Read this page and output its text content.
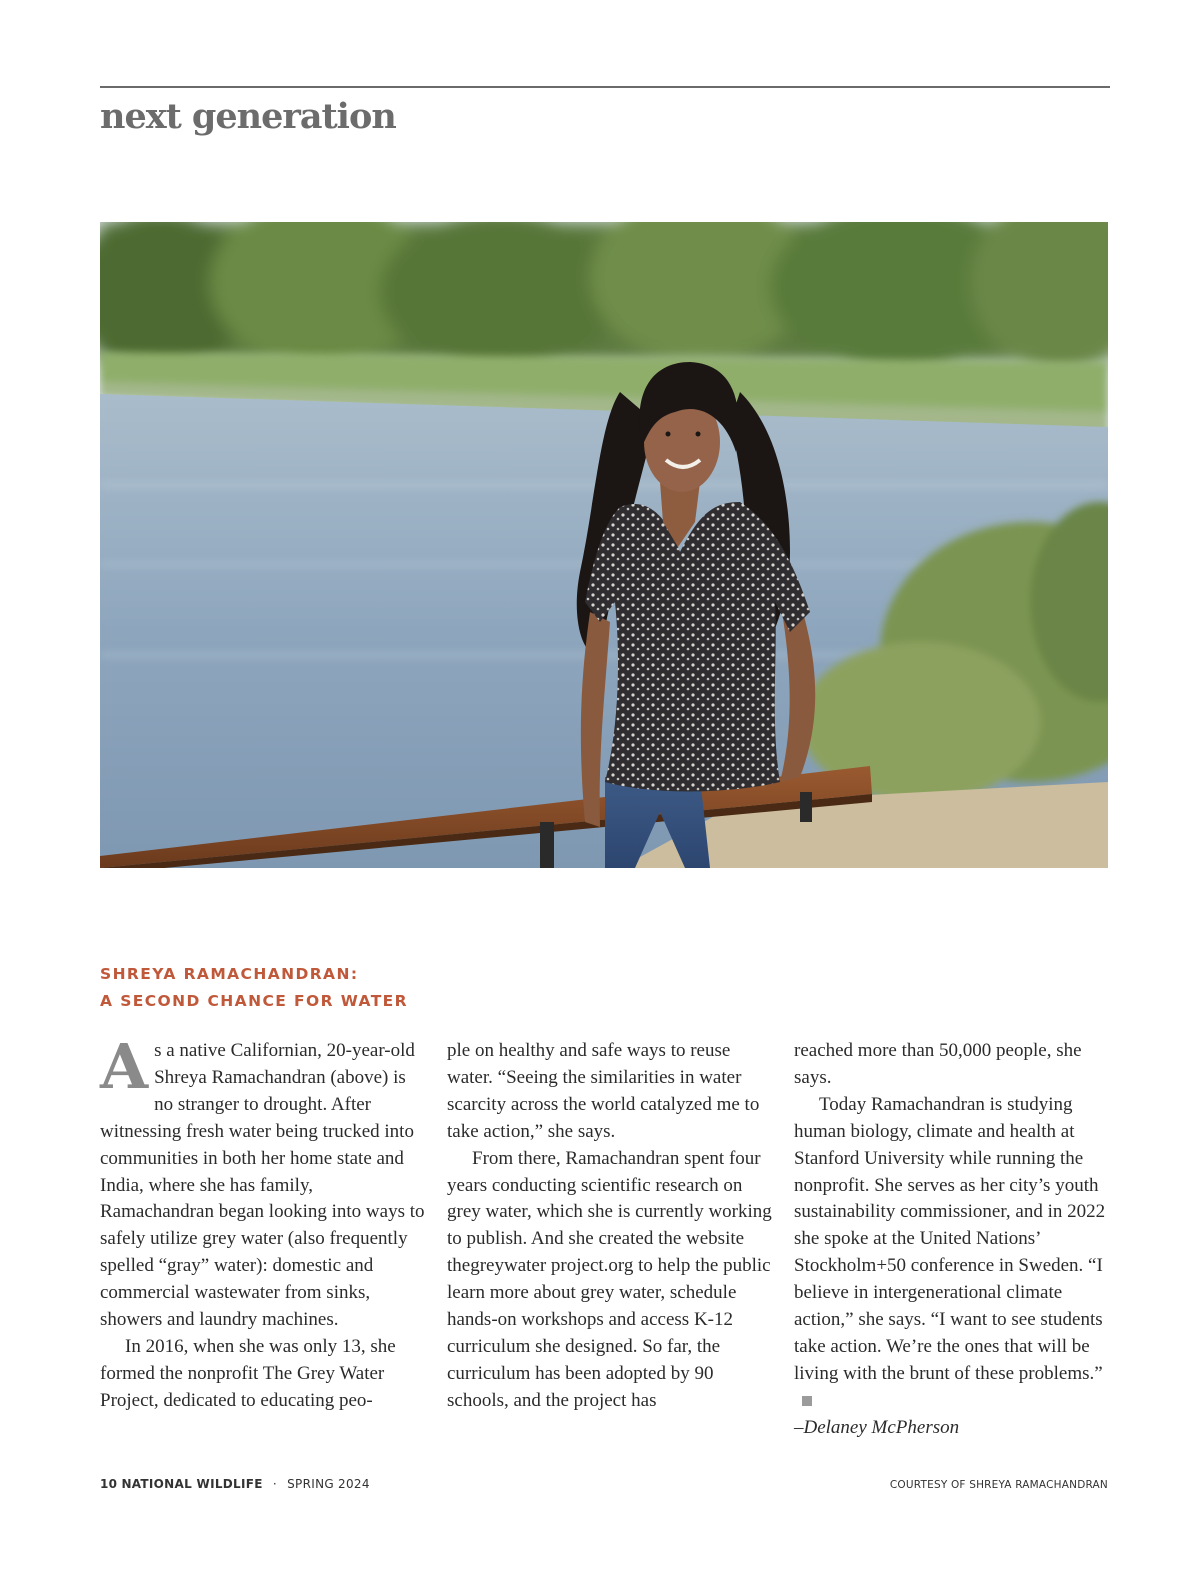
next generation
SHREYA RAMACHANDRAN:
A SECOND CHANCE FOR WATER

As a native Californian, 20-year-old Shreya Ramachandran (above) is no stranger to drought. After witnessing fresh water being trucked into communities in both her home state and India, where she has family, Ramachandran began looking into ways to safely utilize grey water (also frequently spelled “gray” water): domestic and commercial wastewater from sinks, showers and laundry machines.

In 2016, when she was only 13, she formed the nonprofit The Grey Water Project, dedicated to educating peo-

ple on healthy and safe ways to reuse water. “Seeing the similarities in water scarcity across the world catalyzed me to take action,” she says.

From there, Ramachandran spent four years conducting scientific research on grey water, which she is currently working to publish. And she created the website thegreywater project.org to help the public learn more about grey water, schedule hands-on workshops and access K-12 curriculum she designed. So far, the curriculum has been adopted by 90 schools, and the project has

reached more than 50,000 people, she says.

Today Ramachandran is studying human biology, climate and health at Stanford University while running the nonprofit. She serves as her city’s youth sustainability commissioner, and in 2022 she spoke at the United Nations’ Stockholm+50 conference in Sweden. “I believe in intergenerational climate action,” she says. “I want to see students take action. We’re the ones that will be living with the brunt of these problems.”

–Delaney McPherson

10 NATIONAL WILDLIFE · SPRING 2024	COURTESY OF SHREYA RAMACHANDRAN
